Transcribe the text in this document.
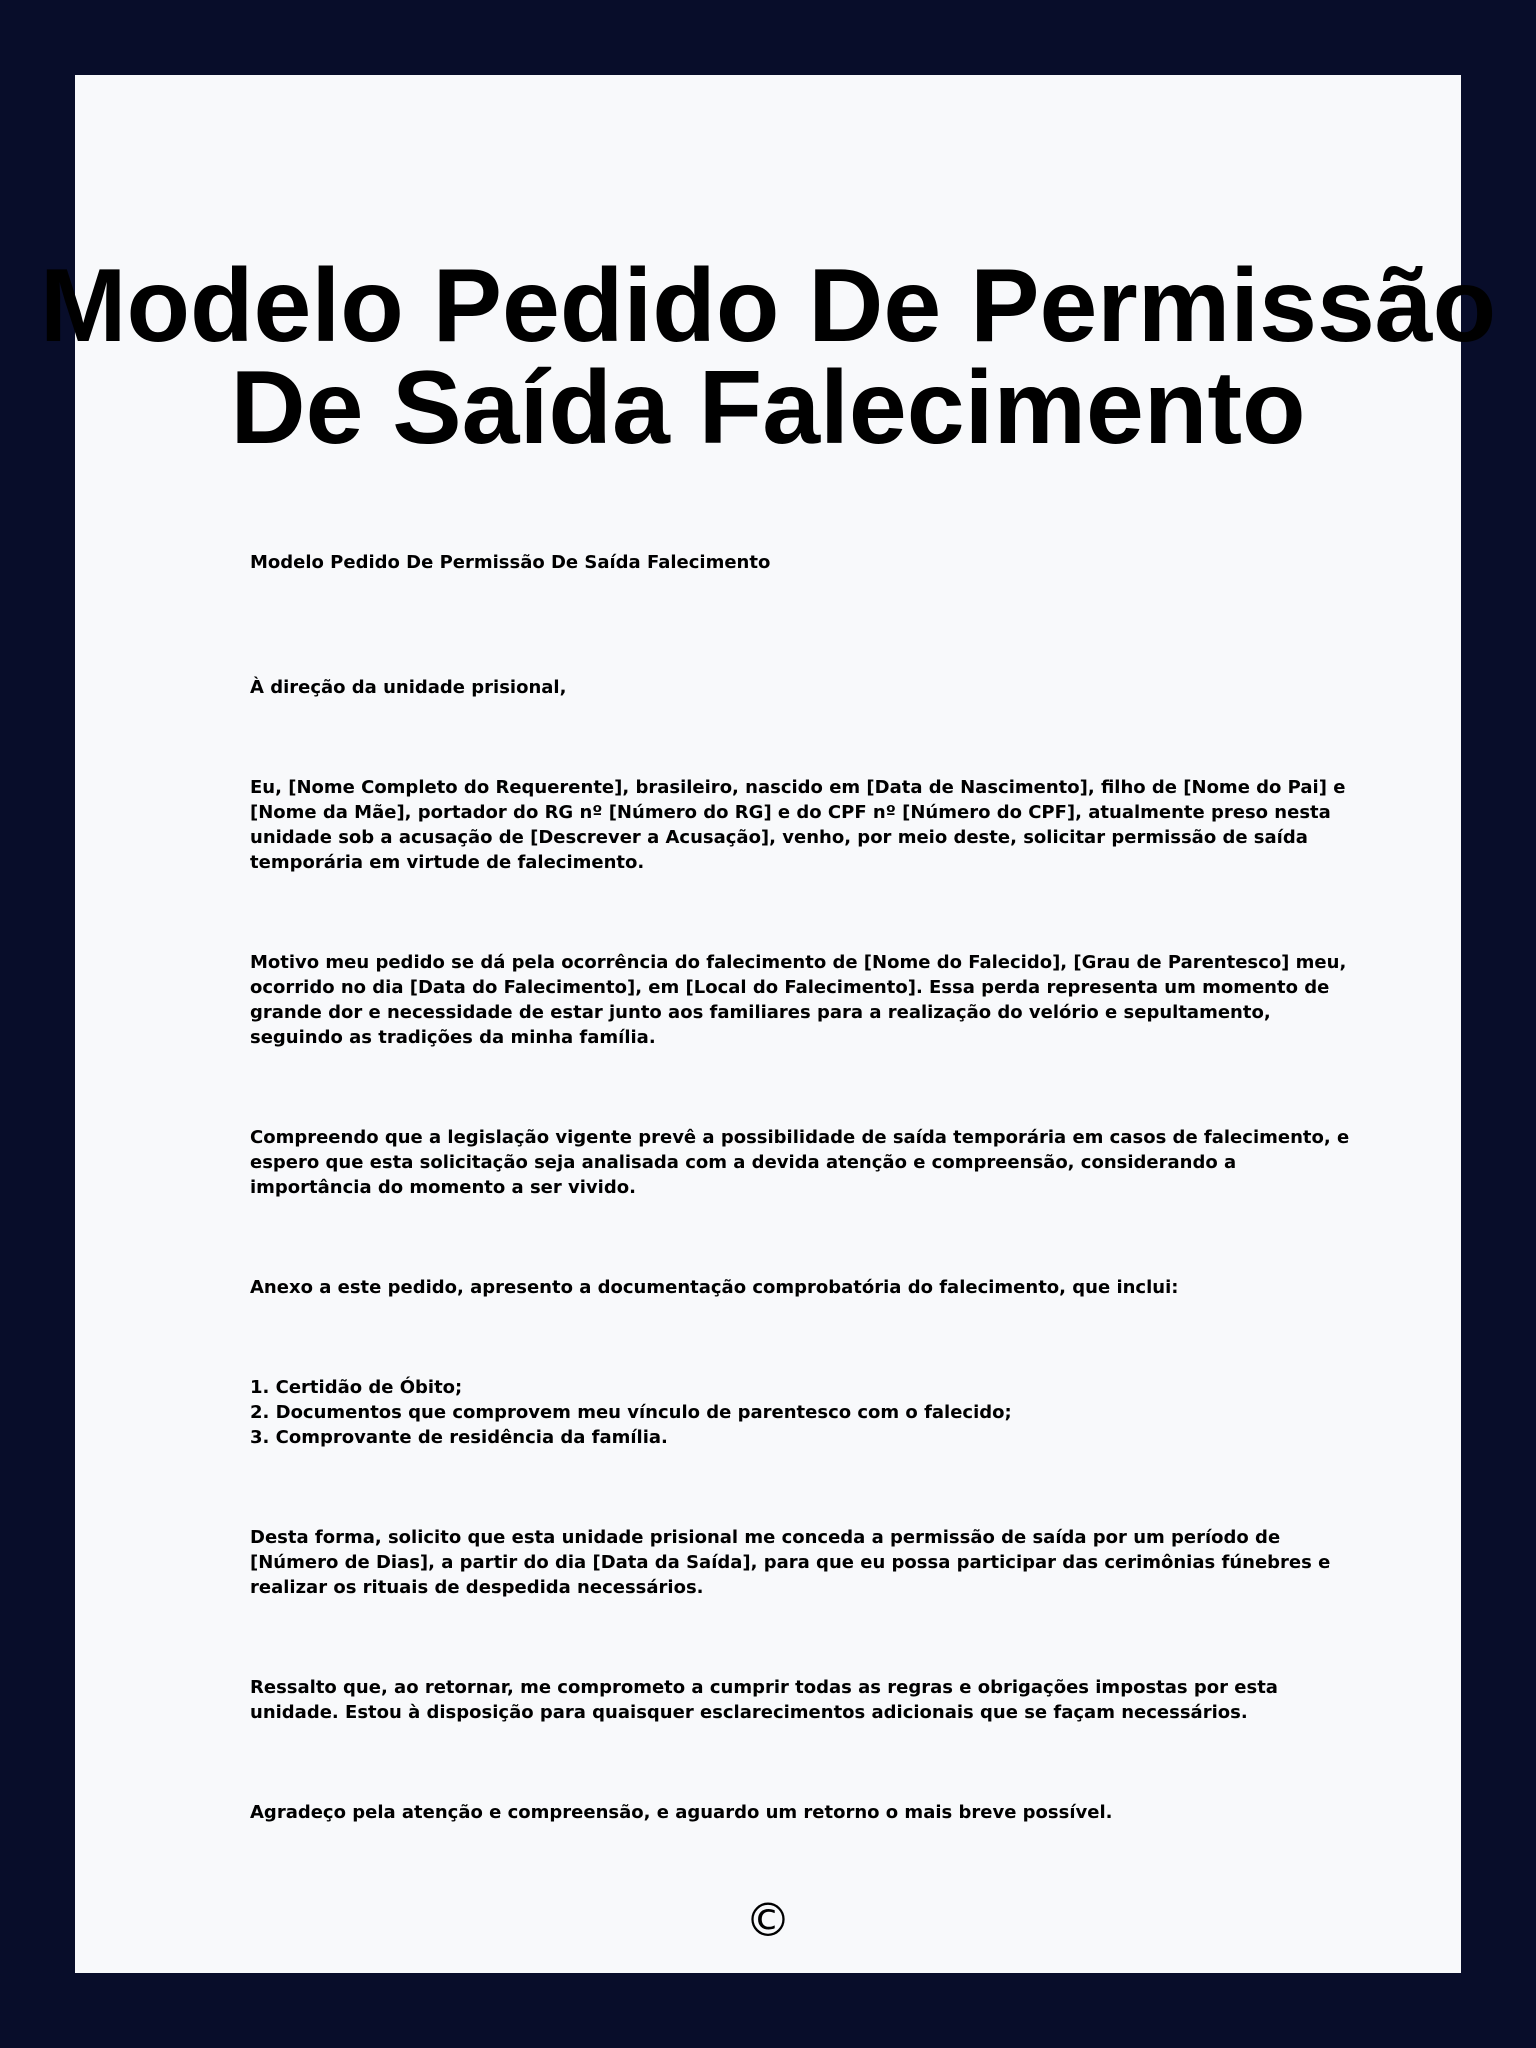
Modelo Pedido De Permissão
De Saída Falecimento

Modelo Pedido De Permissão De Saída Falecimento

À direção da unidade prisional,

Eu, [Nome Completo do Requerente], brasileiro, nascido em [Data de Nascimento], filho de [Nome do Pai] e [Nome da Mãe], portador do RG nº [Número do RG] e do CPF nº [Número do CPF], atualmente preso nesta unidade sob a acusação de [Descrever a Acusação], venho, por meio deste, solicitar permissão de saída temporária em virtude de falecimento.

Motivo meu pedido se dá pela ocorrência do falecimento de [Nome do Falecido], [Grau de Parentesco] meu, ocorrido no dia [Data do Falecimento], em [Local do Falecimento]. Essa perda representa um momento de grande dor e necessidade de estar junto aos familiares para a realização do velório e sepultamento, seguindo as tradições da minha família.

Compreendo que a legislação vigente prevê a possibilidade de saída temporária em casos de falecimento, e espero que esta solicitação seja analisada com a devida atenção e compreensão, considerando a importância do momento a ser vivido.

Anexo a este pedido, apresento a documentação comprobatória do falecimento, que inclui:

1. Certidão de Óbito;
2. Documentos que comprovem meu vínculo de parentesco com o falecido;
3. Comprovante de residência da família.

Desta forma, solicito que esta unidade prisional me conceda a permissão de saída por um período de [Número de Dias], a partir do dia [Data da Saída], para que eu possa participar das cerimônias fúnebres e realizar os rituais de despedida necessários.

Ressalto que, ao retornar, me comprometo a cumprir todas as regras e obrigações impostas por esta unidade. Estou à disposição para quaisquer esclarecimentos adicionais que se façam necessários.

Agradeço pela atenção e compreensão, e aguardo um retorno o mais breve possível.

©
